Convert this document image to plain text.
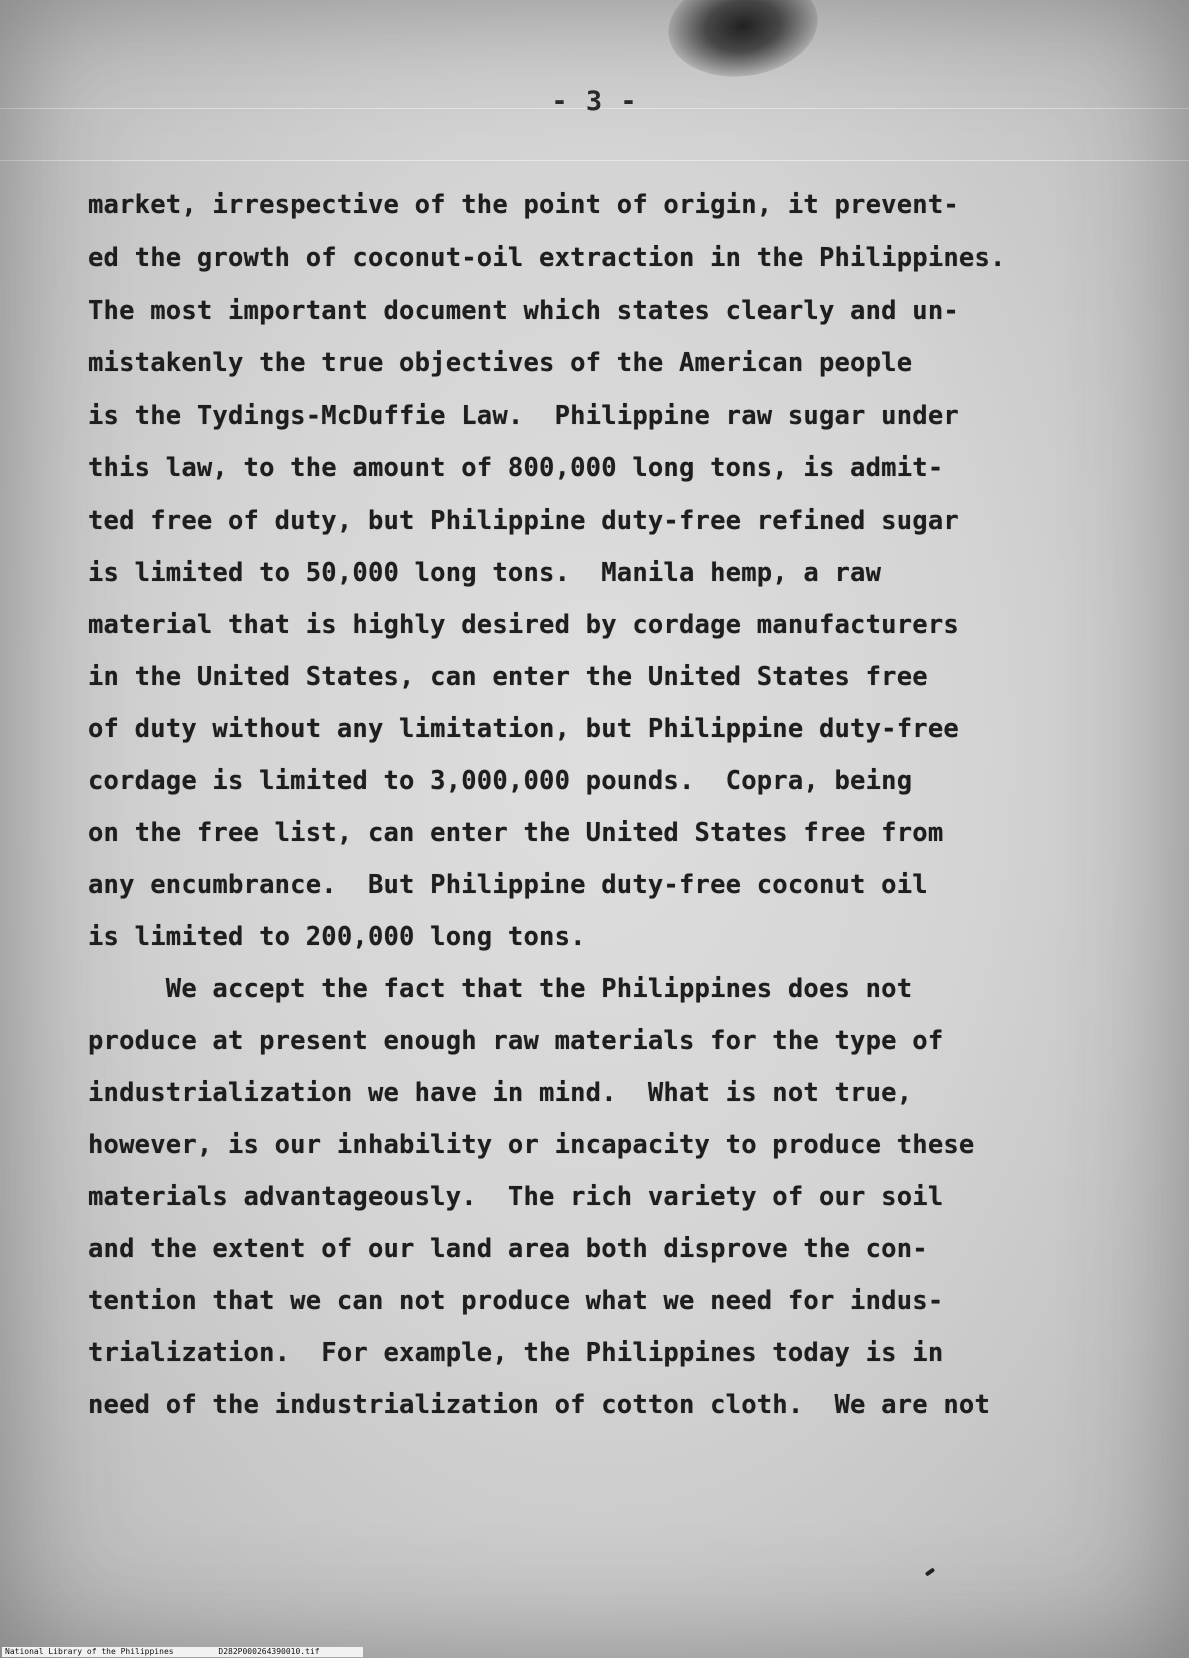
- 3 -

market, irrespective of the point of origin, it prevent-

ed the growth of coconut-oil extraction in the Philippines.

The most important document which states clearly and un-

mistakenly the true objectives of the American people

is the Tydings-McDuffie Law.  Philippine raw sugar under

this law, to the amount of 800,000 long tons, is admit-

ted free of duty, but Philippine duty-free refined sugar

is limited to 50,000 long tons.  Manila hemp, a raw

material that is highly desired by cordage manufacturers

in the United States, can enter the United States free

of duty without any limitation, but Philippine duty-free

cordage is limited to 3,000,000 pounds.  Copra, being

on the free list, can enter the United States free from

any encumbrance.  But Philippine duty-free coconut oil

is limited to 200,000 long tons.

We accept the fact that the Philippines does not

produce at present enough raw materials for the type of

industrialization we have in mind.  What is not true,

however, is our inhability or incapacity to produce these

materials advantageously.  The rich variety of our soil

and the extent of our land area both disprove the con-

tention that we can not produce what we need for indus-

trialization.  For example, the Philippines today is in

need of the industrialization of cotton cloth.  We are not

National Library of the Philippines	D282P000264390010.tif
